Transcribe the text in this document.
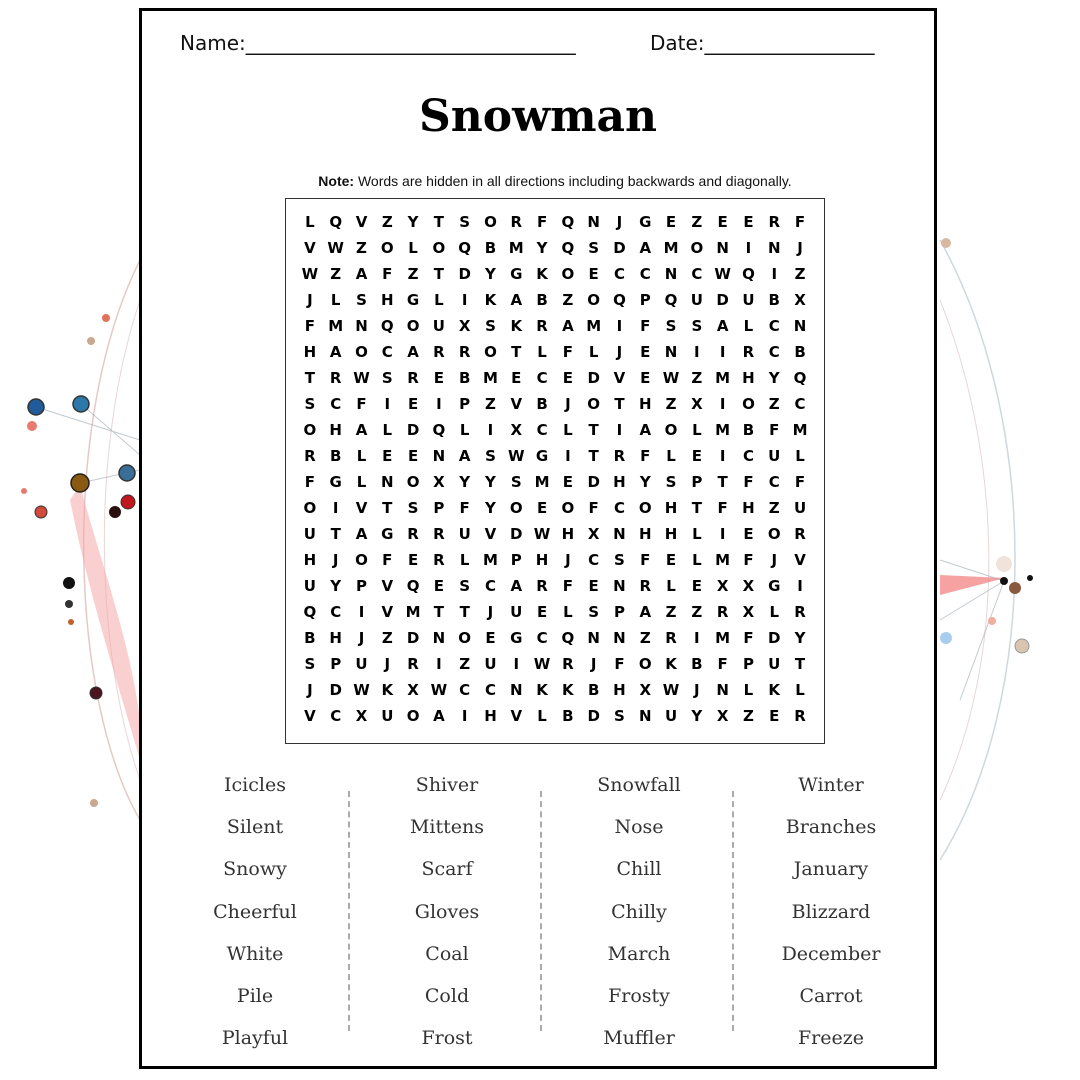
Name:_________________________________	Date:_________________
Snowman
Note: Words are hidden in all directions including backwards and diagonally.
L Q V Z Y	T	S O R F Q N	J	G E	Z	E	E R F
V W Z O L O Q B M Y Q S D A M O N	I	N	J
W Z A F	Z	T D Y G K O E	C C N C W Q	I	Z
J	L	S H G L	I	K A B Z O Q P Q U D U B X
F M N Q O U X S K R A M	I	F	S S A	L	C N
H A O C A R R O T	L	F	L	J	E N	I	I	R C B
T R W S R E B M E	C	E D V E W Z M H Y Q
S C	F	I	E	I	P Z V B	J	O T H Z X	I	O Z C
O H A	L D Q L	I	X C	L	T	I	A O L M B F M
R B	L	E	E N A S W G	I	T R F	L	E	I	C U L
F G L N O X Y Y S M E D H Y S P	T	F	C	F
O	I	V T	S P	F	Y O E O F	C O H T	F H Z U
U T A G R R U V D W H X N H H L	I	E O R
H	J	O F	E R	L M P H	J	C S	F	E	L M F	J	V
U Y P V Q E	S C A R F	E N R	L	E X X G	I
Q C	I	V M T	T	J	U E	L	S P A Z Z R X	L	R
B H	J	Z D N O E G C Q N N Z R	I	M F D Y
S P U	J	R	I	Z U	I W R	J	F O K B F	P U T
J	D W K X W C C N K K B H X W J	N L	K	L
V C X U O A	I	H V	L	B D S N U Y X Z	E R
Icicles
Silent
Snowy
Cheerful
White
Pile
Playful
Shiver
Mittens
Scarf
Gloves
Coal
Cold
Frost
Snowfall
Nose
Chill
Chilly
March
Frosty
Muffler
Winter
Branches
January
Blizzard
December
Carrot
Freeze
